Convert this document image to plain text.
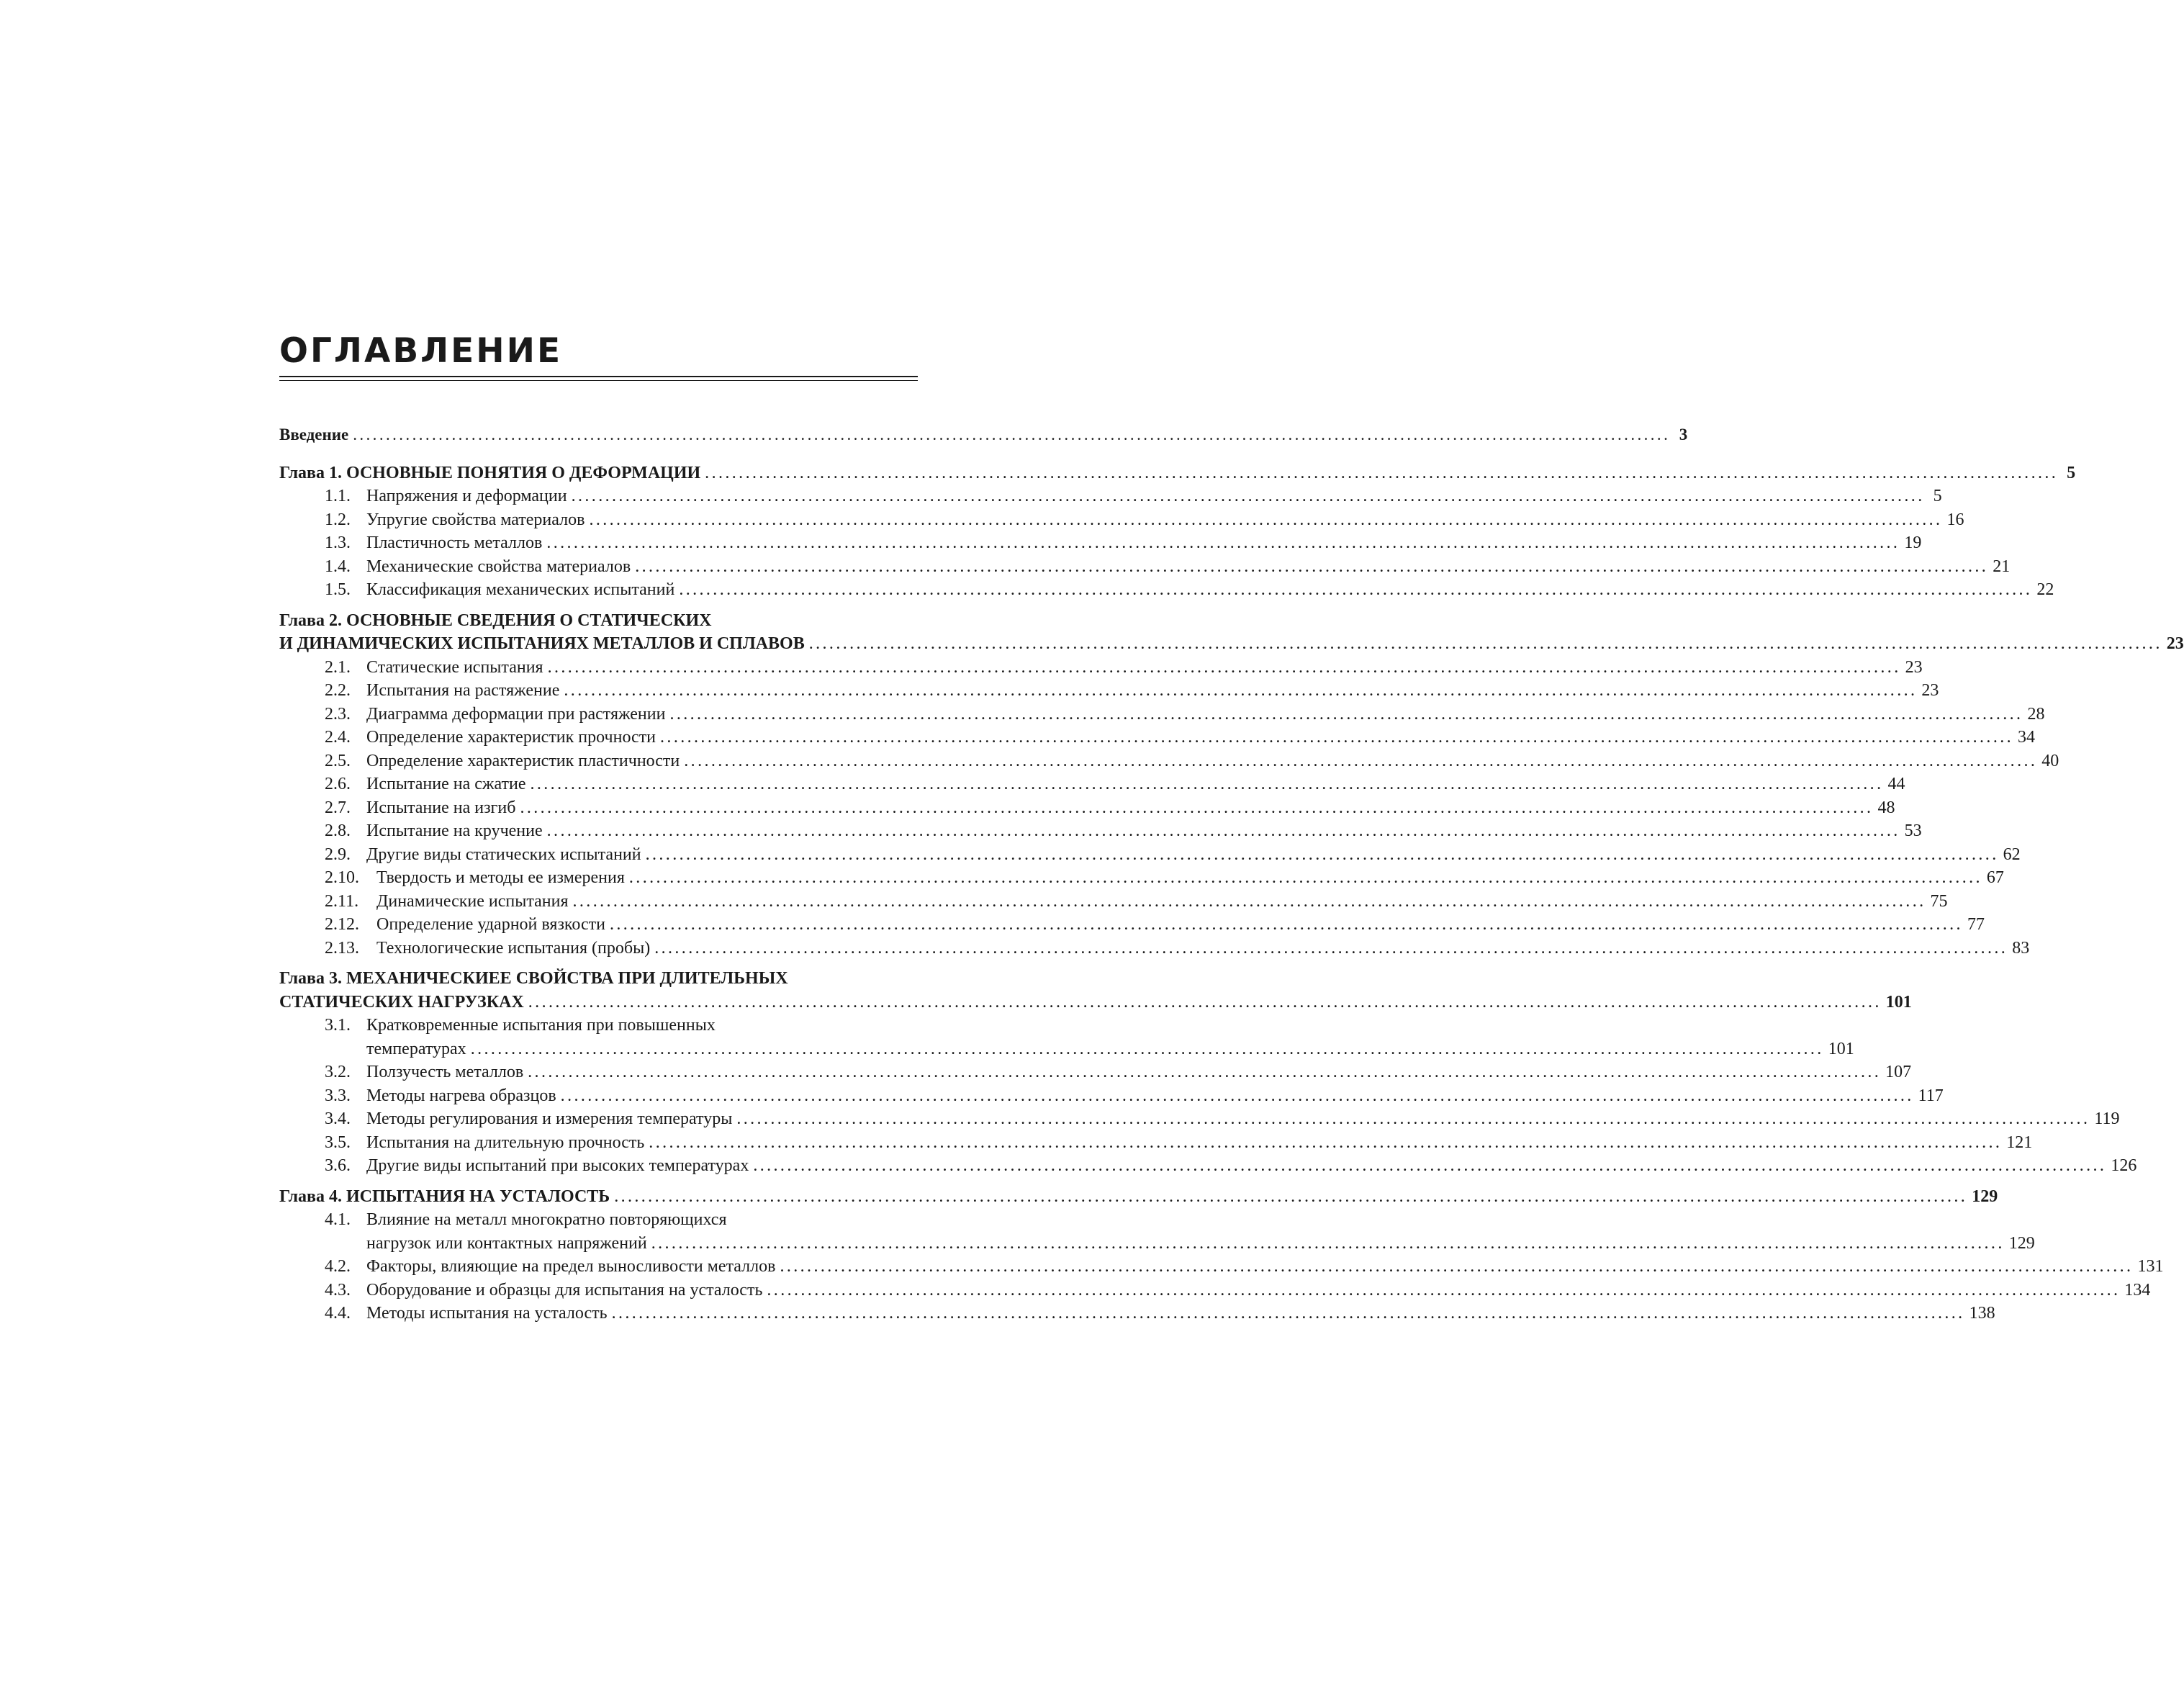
ОГЛАВЛЕНИЕ
Введение ........................................................................................................................................................................................................ 3
Глава 1. ОСНОВНЫЕ ПОНЯТИЯ О ДЕФОРМАЦИИ ........................................................................................................................................................................................................ 5
1.1. Напряжения и деформации ........................................................................................................................................................................................................ 5
1.2. Упругие свойства материалов ........................................................................................................................................................................................................ 16
1.3. Пластичность металлов ........................................................................................................................................................................................................ 19
1.4. Механические свойства материалов ........................................................................................................................................................................................................ 21
1.5. Классификация механических испытаний ........................................................................................................................................................................................................ 22
Глава 2. ОСНОВНЫЕ СВЕДЕНИЯ О СТАТИЧЕСКИХ
И ДИНАМИЧЕСКИХ ИСПЫТАНИЯХ МЕТАЛЛОВ И СПЛАВОВ ........................................................................................................................................................................................................ 23
2.1. Статические испытания ........................................................................................................................................................................................................ 23
2.2. Испытания на растяжение ........................................................................................................................................................................................................ 23
2.3. Диаграмма деформации при растяжении ........................................................................................................................................................................................................ 28
2.4. Определение характеристик прочности ........................................................................................................................................................................................................ 34
2.5. Определение характеристик пластичности ........................................................................................................................................................................................................ 40
2.6. Испытание на сжатие ........................................................................................................................................................................................................ 44
2.7. Испытание на изгиб ........................................................................................................................................................................................................ 48
2.8. Испытание на кручение ........................................................................................................................................................................................................ 53
2.9. Другие виды статических испытаний ........................................................................................................................................................................................................ 62
2.10.	Твердость и методы ее измерения ........................................................................................................................................................................................................ 67
2.11.	Динамические испытания ........................................................................................................................................................................................................ 75
2.12.	Определение ударной вязкости ........................................................................................................................................................................................................ 77
2.13.	Технологические испытания (пробы) ........................................................................................................................................................................................................ 83
Глава 3. МЕХАНИЧЕСКИЕЕ СВОЙСТВА ПРИ ДЛИТЕЛЬНЫХ
СТАТИЧЕСКИХ НАГРУЗКАХ ........................................................................................................................................................................................................ 101
3.1. Кратковременные испытания при повышенных
температурах ........................................................................................................................................................................................................ 101
3.2. Ползучесть металлов ........................................................................................................................................................................................................ 107
3.3. Методы нагрева образцов ........................................................................................................................................................................................................ 117
3.4. Методы регулирования и измерения температуры ........................................................................................................................................................................................................ 119
3.5. Испытания на длительную прочность ........................................................................................................................................................................................................ 121
3.6. Другие виды испытаний при высоких температурах ........................................................................................................................................................................................................ 126
Глава 4. ИСПЫТАНИЯ НА УСТАЛОСТЬ ........................................................................................................................................................................................................ 129
4.1. Влияние на металл многократно повторяющихся
нагрузок или контактных напряжений ........................................................................................................................................................................................................ 129
4.2. Факторы, влияющие на предел выносливости металлов ........................................................................................................................................................................................................ 131
4.3. Оборудование и образцы для испытания на усталость ........................................................................................................................................................................................................ 134
4.4. Методы испытания на усталость ........................................................................................................................................................................................................ 138
